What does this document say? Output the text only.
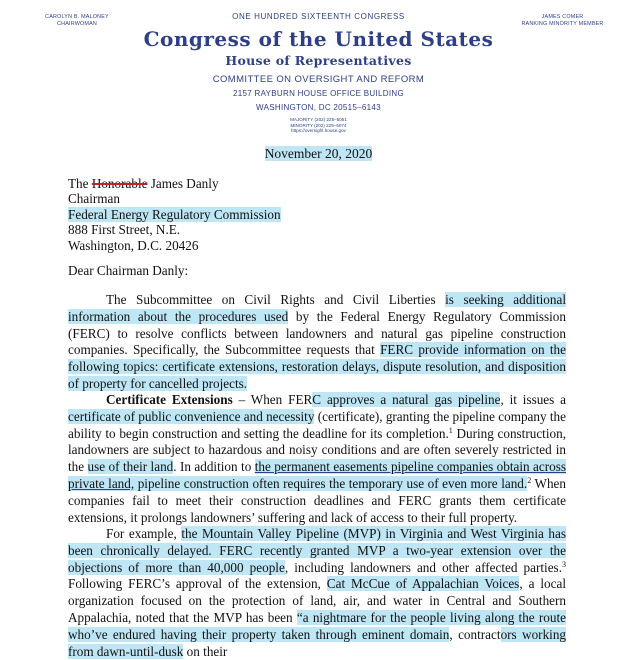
CAROLYN B. MALONEY
CHAIRWOMAN
JAMES COMER
RANKING MINORITY MEMBER
ONE HUNDRED SIXTEENTH CONGRESS
Congress of the United States
House of Representatives
COMMITTEE ON OVERSIGHT AND REFORM
2157 RAYBURN HOUSE OFFICE BUILDING
WASHINGTON, DC 20515–6143
MAJORITY (202) 225–5051
MINORITY (202) 225–5074
https://oversight.house.gov
November 20, 2020
The Honorable James Danly
Chairman
Federal Energy Regulatory Commission
888 First Street, N.E.
Washington, D.C. 20426
Dear Chairman Danly:
The Subcommittee on Civil Rights and Civil Liberties is seeking additional information about the procedures used by the Federal Energy Regulatory Commission (FERC) to resolve conflicts between landowners and natural gas pipeline construction companies. Specifically, the Subcommittee requests that FERC provide information on the following topics: certificate extensions, restoration delays, dispute resolution, and disposition of property for cancelled projects.
Certificate Extensions – When FERC approves a natural gas pipeline, it issues a certificate of public convenience and necessity (certificate), granting the pipeline company the ability to begin construction and setting the deadline for its completion.$^1$ During construction, landowners are subject to hazardous and noisy conditions and are often severely restricted in the use of their land. In addition to the permanent easements pipeline companies obtain across private land, pipeline construction often requires the temporary use of even more land.$^2$ When companies fail to meet their construction deadlines and FERC grants them certificate extensions, it prolongs landowners’ suffering and lack of access to their full property.
For example, the Mountain Valley Pipeline (MVP) in Virginia and West Virginia has been chronically delayed. FERC recently granted MVP a two-year extension over the objections of more than 40,000 people, including landowners and other affected parties.$^3$ Following FERC’s approval of the extension, Cat McCue of Appalachian Voices, a local organization focused on the protection of land, air, and water in Central and Southern Appalachia, noted that the MVP has been “a nightmare for the people living along the route who’ve endured having their property taken through eminent domain, contractors working from dawn-until-dusk on their
